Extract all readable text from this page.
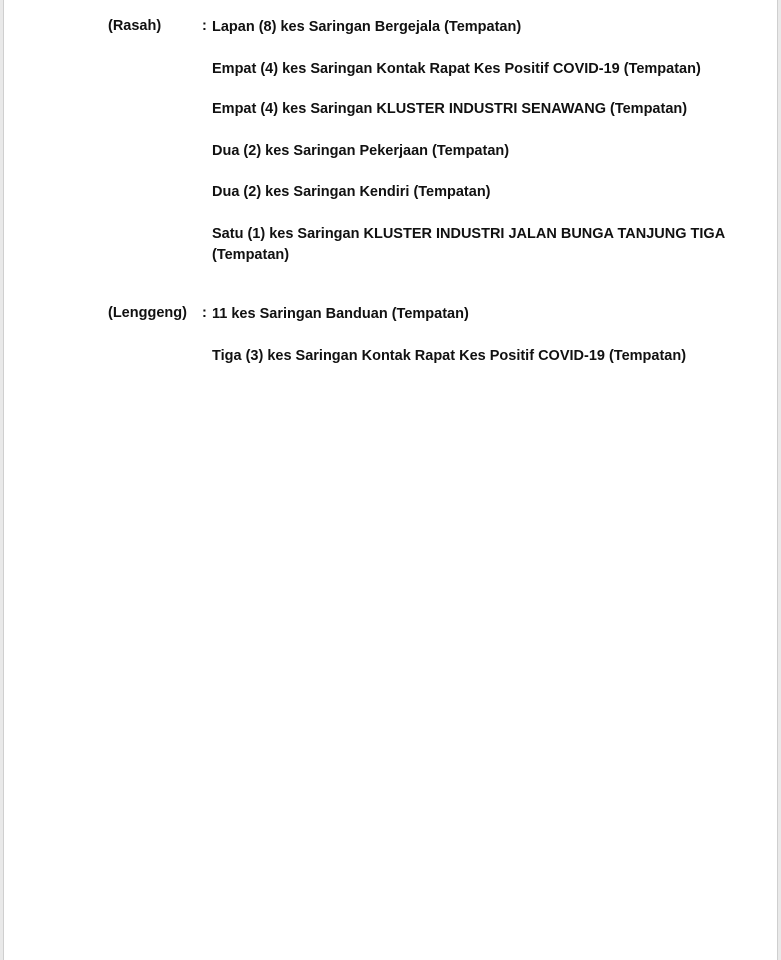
(Rasah)	: Lapan (8) kes Saringan Bergejala (Tempatan)
Empat (4) kes Saringan Kontak Rapat Kes Positif COVID-19 (Tempatan)
Empat (4) kes Saringan KLUSTER INDUSTRI SENAWANG (Tempatan)
Dua (2) kes Saringan Pekerjaan (Tempatan)
Dua (2) kes Saringan Kendiri (Tempatan)
Satu (1) kes Saringan KLUSTER INDUSTRI JALAN BUNGA TANJUNG TIGA (Tempatan)
(Lenggeng) : 11 kes Saringan Banduan (Tempatan)
Tiga (3) kes Saringan Kontak Rapat Kes Positif COVID-19 (Tempatan)
